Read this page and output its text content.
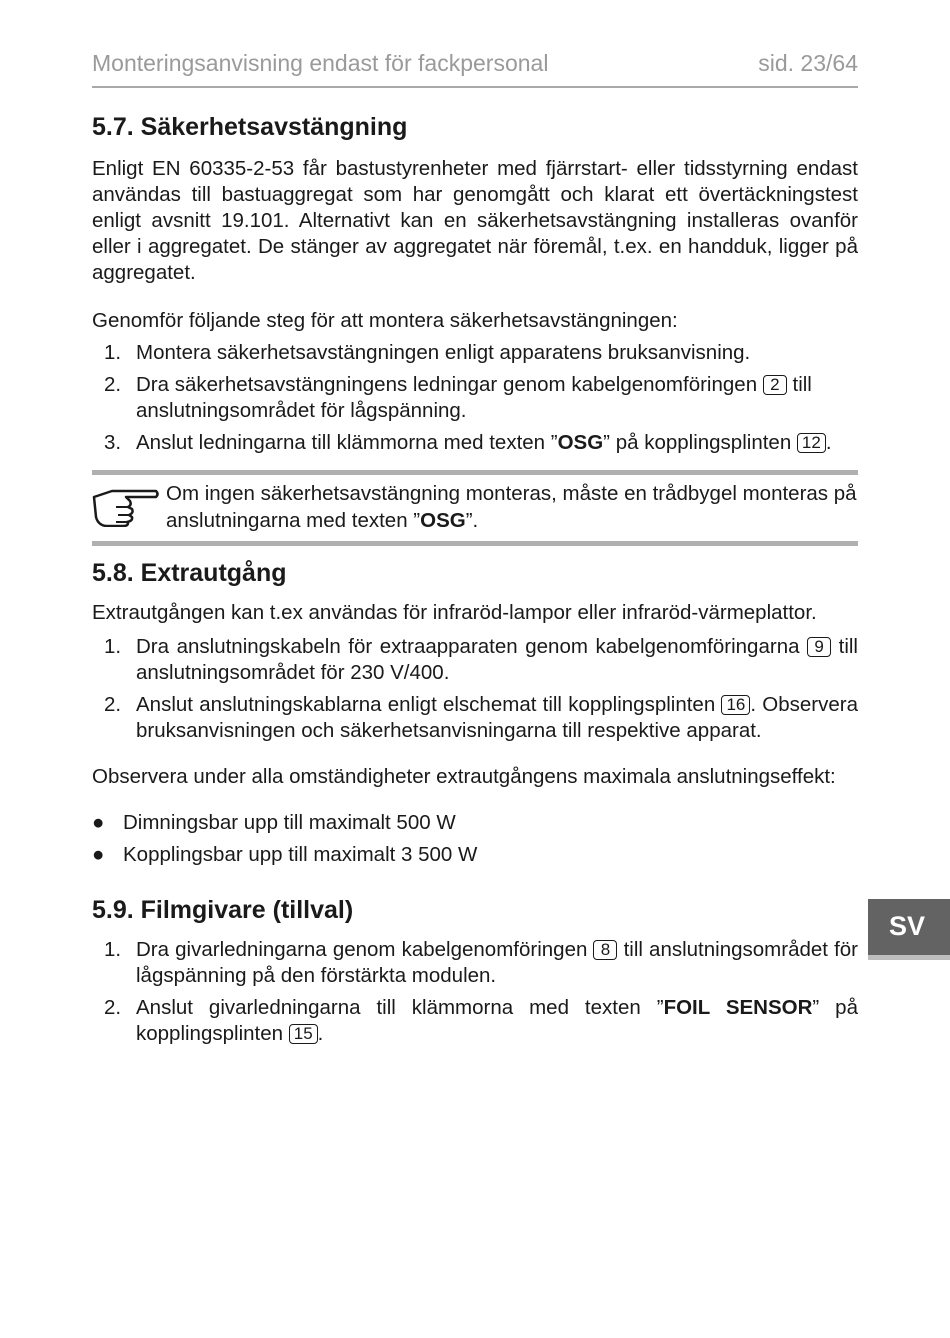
Monteringsanvisning endast för fackpersonal	sid. 23/64
5.7. Säkerhetsavstängning

Enligt EN 60335-2-53 får bastustyrenheter med fjärrstart- eller tidsstyrning endast användas till bastuaggregat som har genomgått och klarat ett övertäckningstest enligt avsnitt 19.101. Alternativt kan en säkerhetsavstängning installeras ovanför eller i aggregatet. De stänger av aggregatet när föremål, t.ex. en handduk, ligger på aggregatet.

Genomför följande steg för att montera säkerhetsavstängningen:

1. Montera säkerhetsavstängningen enligt apparatens bruksanvisning.
2. Dra säkerhetsavstängningens ledningar genom kabelgenomföringen 2 till anslutningsområdet för lågspänning.
3. Anslut ledningarna till klämmorna med texten ”OSG” på kopplingsplinten 12 .
Om ingen säkerhetsavstängning monteras, måste en trådbygel monteras på anslutningarna med texten ”OSG”.
5.8. Extrautgång

Extrautgången kan t.ex användas för infraröd-lampor eller infraröd-värmeplattor.

1. Dra anslutningskabeln för extraapparaten genom kabelgenomföringarna 9 till anslutningsområdet för 230 V/400.
2. Anslut anslutningskablarna enligt elschemat till kopplingsplinten 16 . Observera bruksanvisningen och säkerhetsanvisningarna till respektive apparat.

Observera under alla omständigheter extrautgångens maximala anslutningseffekt:

● Dimningsbar upp till maximalt 500 W
● Kopplingsbar upp till maximalt 3 500 W
5.9. Filmgivare (tillval)
1. Dra givarledningarna genom kabelgenomföringen 8 till anslutningsområdet för lågspänning på den förstärkta modulen.
2. Anslut givarledningarna till klämmorna med texten ”FOIL SENSOR” på kopplingsplinten 15 .
SV
